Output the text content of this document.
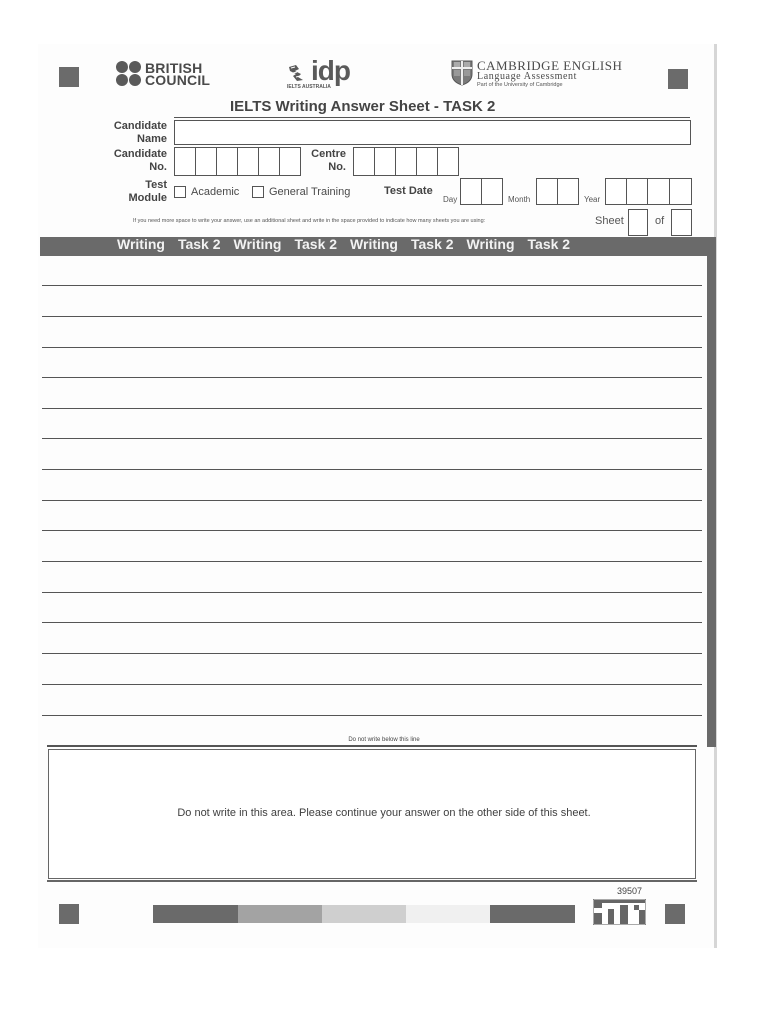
BRITISH
COUNCIL	idp
IELTS AUSTRALIA
CAMBRIDGE ENGLISH
Language Assessment
Part of the University of Cambridge
IELTS Writing Answer Sheet - TASK 2
Candidate
Name
Candidate
No.
Centre
No.
Test
Module Academic	General Training	Test Date
Day	Month	Year
If you need more space to write your answer, use an additional sheet and write in the space provided to indicate how many sheets you are using:	Sheet	of
Writing Task 2 Writing Task 2 Writing Task 2 Writing Task 2
Do not write below this line
Do not write in this area. Please continue your answer on the other side of this sheet.
39507
